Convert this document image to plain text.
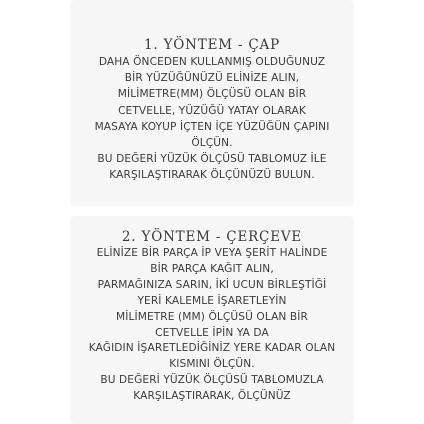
1. YÖNTEM - ÇAP
DAHA ÖNCEDEN KULLANMIŞ OLDUĞUNUZ
BİR YÜZÜĞÜNÜZÜ ELİNİZE ALIN,
MİLİMETRE(MM) ÖLÇÜSÜ OLAN BİR
CETVELLE, YÜZÜĞÜ YATAY OLARAK
MASAYA KOYUP İÇTEN İÇE YÜZÜĞÜN ÇAPINI
ÖLÇÜN.
BU DEĞERİ YÜZÜK ÖLÇÜSÜ TABLOMUZ İLE
KARŞILAŞTIRARAK ÖLÇÜNÜZÜ BULUN.
2. YÖNTEM - ÇERÇEVE
ELİNİZE BİR PARÇA İP VEYA ŞERİT HALİNDE
BİR PARÇA KAĞIT ALIN,
PARMAĞINIZA SARIN, İKİ UCUN BİRLEŞTİĞİ
YERİ KALEMLE İŞARETLEYİN
MİLİMETRE (MM) ÖLÇÜSÜ OLAN BİR
CETVELLE İPİN YA DA
KAĞIDIN İŞARETLEDİĞİNİZ YERE KADAR OLAN
KISMINI ÖLÇÜN.
BU DEĞERİ YÜZÜK ÖLÇÜSÜ TABLOMUZLA
KARŞILAŞTIRARAK, ÖLÇÜNÜZ
